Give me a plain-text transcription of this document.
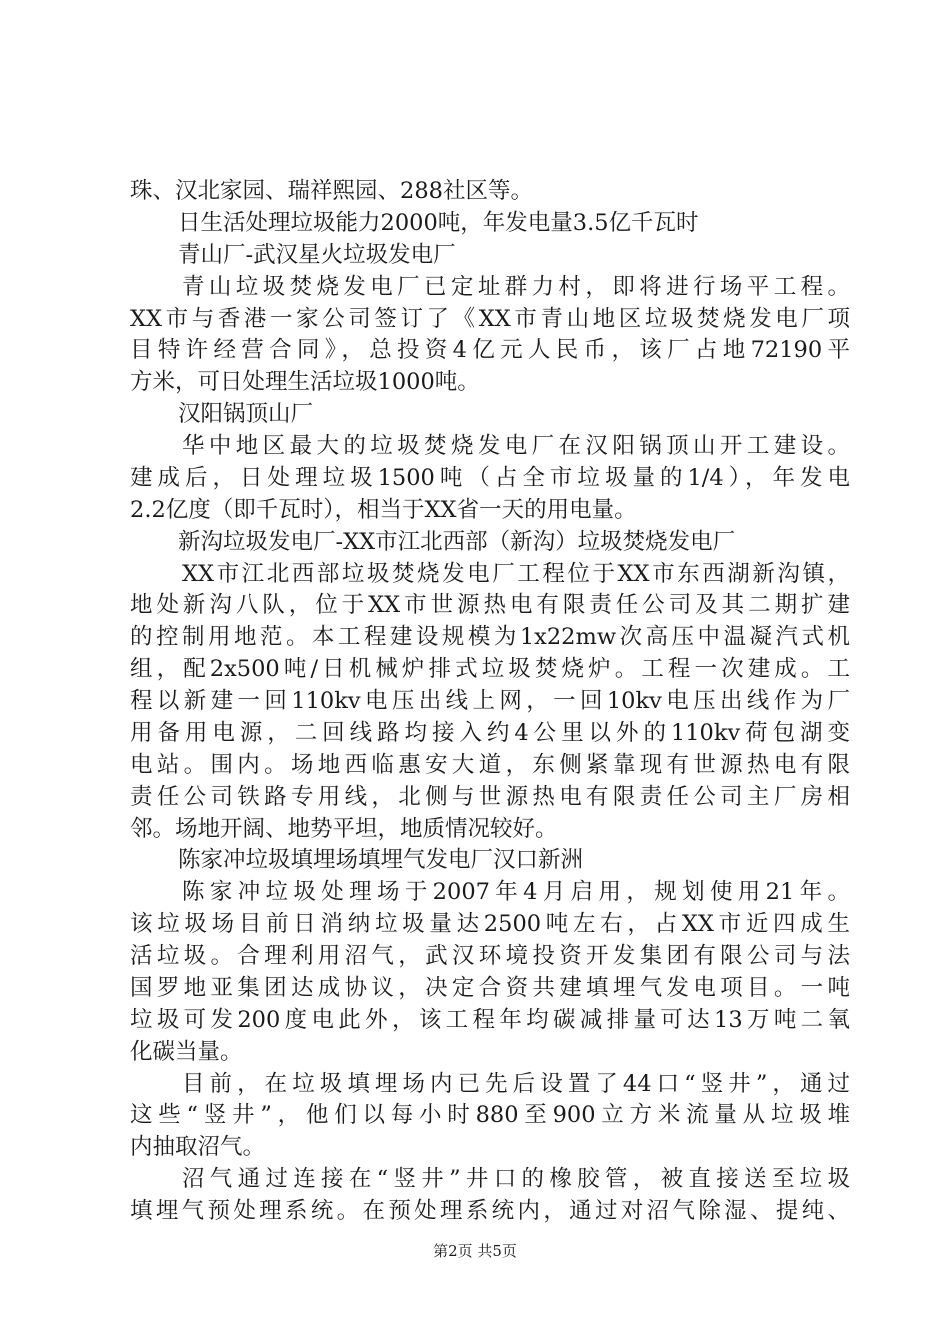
珠、汉北家园、瑞祥熙园、288社区等。
日生活处理垃圾能力2000吨，年发电量3.5亿千瓦时
青山厂-武汉星火垃圾发电厂
青山垃圾焚烧发电厂已定址群力村，即将进行场平工程。
XX市与香港一家公司签订了《XX市青山地区垃圾焚烧发电厂项
目特许经营合同》，总投资4亿元人民币，该厂占地72190平
方米，可日处理生活垃圾1000吨。
汉阳锅顶山厂
华中地区最大的垃圾焚烧发电厂在汉阳锅顶山开工建设。
建成后，日处理垃圾1500吨（占全市垃圾量的1/4），年发电
2.2亿度（即千瓦时），相当于XX省一天的用电量。
新沟垃圾发电厂-XX市江北西部（新沟）垃圾焚烧发电厂
XX市江北西部垃圾焚烧发电厂工程位于XX市东西湖新沟镇，
地处新沟八队，位于XX市世源热电有限责任公司及其二期扩建
的控制用地范。本工程建设规模为1x22mw次高压中温凝汽式机
组，配2x500吨/日机械炉排式垃圾焚烧炉。工程一次建成。工
程以新建一回110kv电压出线上网，一回10kv电压出线作为厂
用备用电源，二回线路均接入约4公里以外的110kv荷包湖变
电站。围内。场地西临惠安大道，东侧紧靠现有世源热电有限
责任公司铁路专用线，北侧与世源热电有限责任公司主厂房相
邻。场地开阔、地势平坦，地质情况较好。
陈家冲垃圾填埋场填埋气发电厂汉口新洲
陈家冲垃圾处理场于2007年4月启用，规划使用21年。
该垃圾场目前日消纳垃圾量达2500吨左右，占XX市近四成生
活垃圾。合理利用沼气，武汉环境投资开发集团有限公司与法
国罗地亚集团达成协议，决定合资共建填埋气发电项目。一吨
垃圾可发200度电此外，该工程年均碳减排量可达13万吨二氧
化碳当量。
目前，在垃圾填埋场内已先后设置了44口“竖井”，通过
这些“竖井”，他们以每小时880至900立方米流量从垃圾堆
内抽取沼气。
沼气通过连接在“竖井”井口的橡胶管，被直接送至垃圾
填埋气预处理系统。在预处理系统内，通过对沼气除湿、提纯、
第2页 共5页
